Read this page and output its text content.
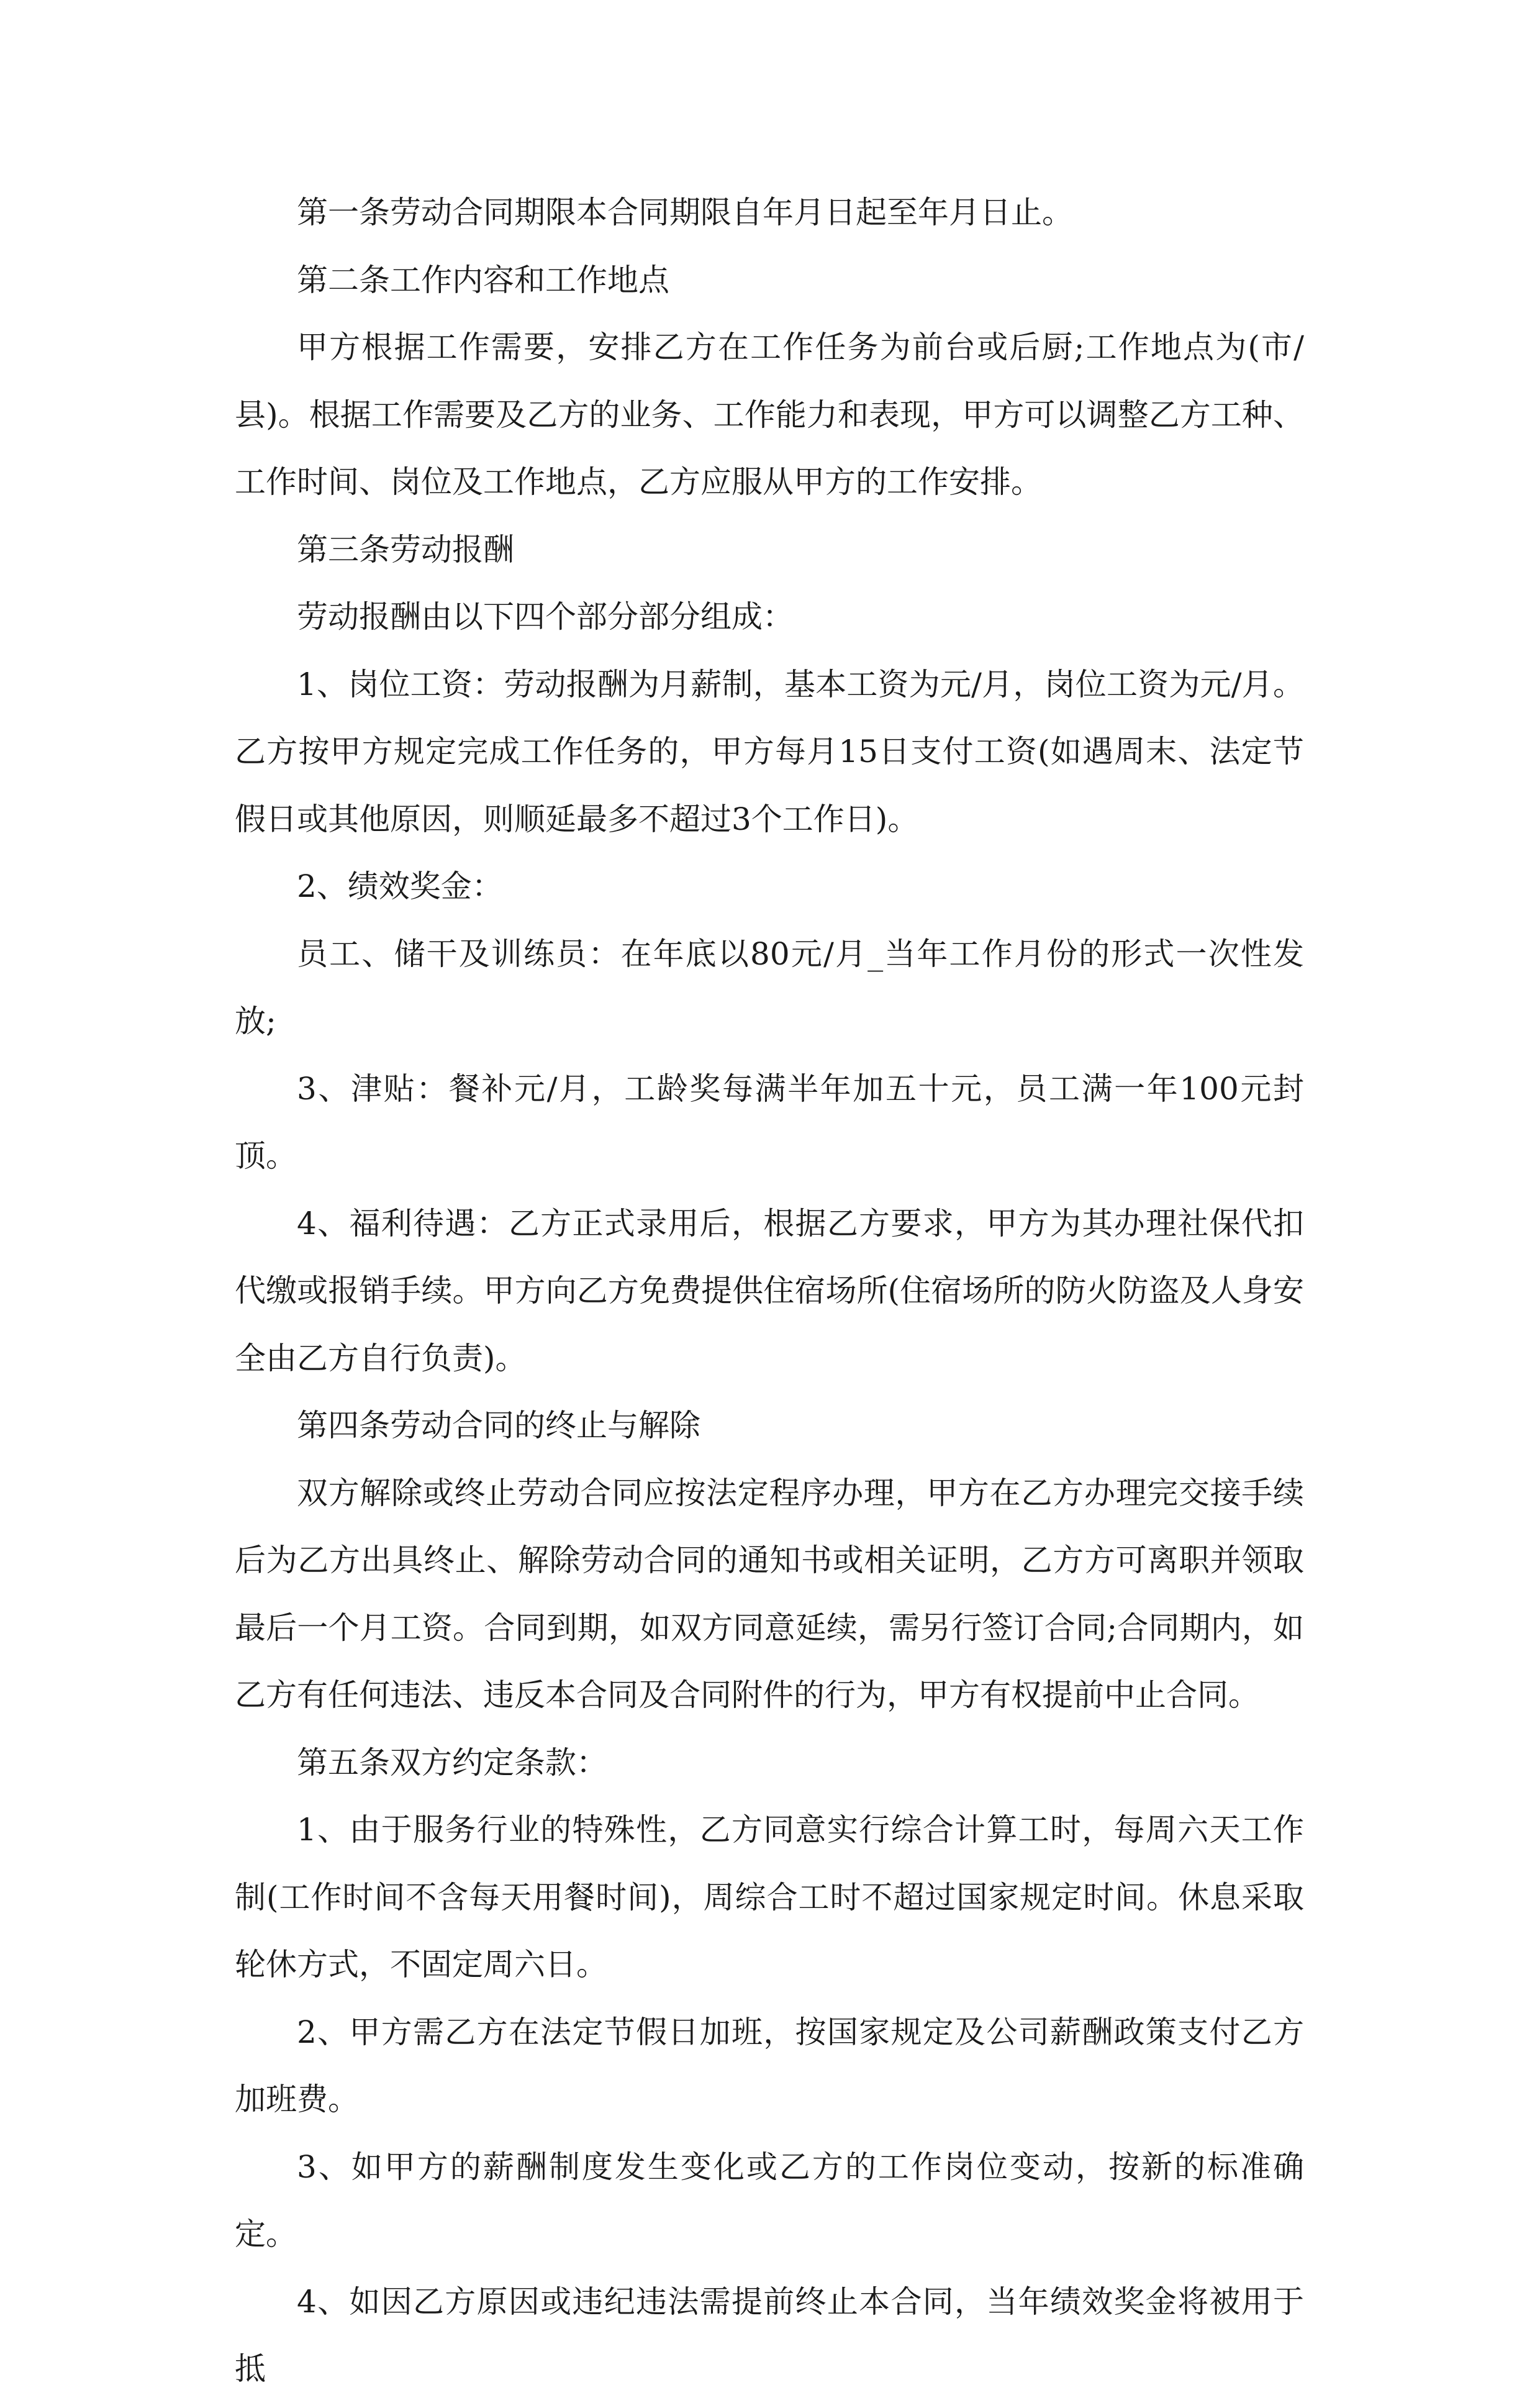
第一条劳动合同期限本合同期限自年月日起至年月日止。

第二条工作内容和工作地点

甲方根据工作需要，安排乙方在工作任务为前台或后厨;工作地点为(市/县)。根据工作需要及乙方的业务、工作能力和表现，甲方可以调整乙方工种、工作时间、岗位及工作地点，乙方应服从甲方的工作安排。

第三条劳动报酬

劳动报酬由以下四个部分部分组成：

1、岗位工资：劳动报酬为月薪制，基本工资为元/月，岗位工资为元/月。乙方按甲方规定完成工作任务的，甲方每月15日支付工资(如遇周末、法定节假日或其他原因，则顺延最多不超过3个工作日)。

2、绩效奖金：

员工、储干及训练员：在年底以80元/月_当年工作月份的形式一次性发放;

3、津贴：餐补元/月，工龄奖每满半年加五十元，员工满一年100元封顶。

4、福利待遇：乙方正式录用后，根据乙方要求，甲方为其办理社保代扣代缴或报销手续。甲方向乙方免费提供住宿场所(住宿场所的防火防盗及人身安全由乙方自行负责)。

第四条劳动合同的终止与解除

双方解除或终止劳动合同应按法定程序办理，甲方在乙方办理完交接手续后为乙方出具终止、解除劳动合同的通知书或相关证明，乙方方可离职并领取最后一个月工资。合同到期，如双方同意延续，需另行签订合同;合同期内，如乙方有任何违法、违反本合同及合同附件的行为，甲方有权提前中止合同。

第五条双方约定条款：

1、由于服务行业的特殊性，乙方同意实行综合计算工时，每周六天工作制(工作时间不含每天用餐时间)，周综合工时不超过国家规定时间。休息采取轮休方式，不固定周六日。

2、甲方需乙方在法定节假日加班，按国家规定及公司薪酬政策支付乙方加班费。

3、如甲方的薪酬制度发生变化或乙方的工作岗位变动，按新的标准确定。

4、如因乙方原因或违纪违法需提前终止本合同，当年绩效奖金将被用于抵
